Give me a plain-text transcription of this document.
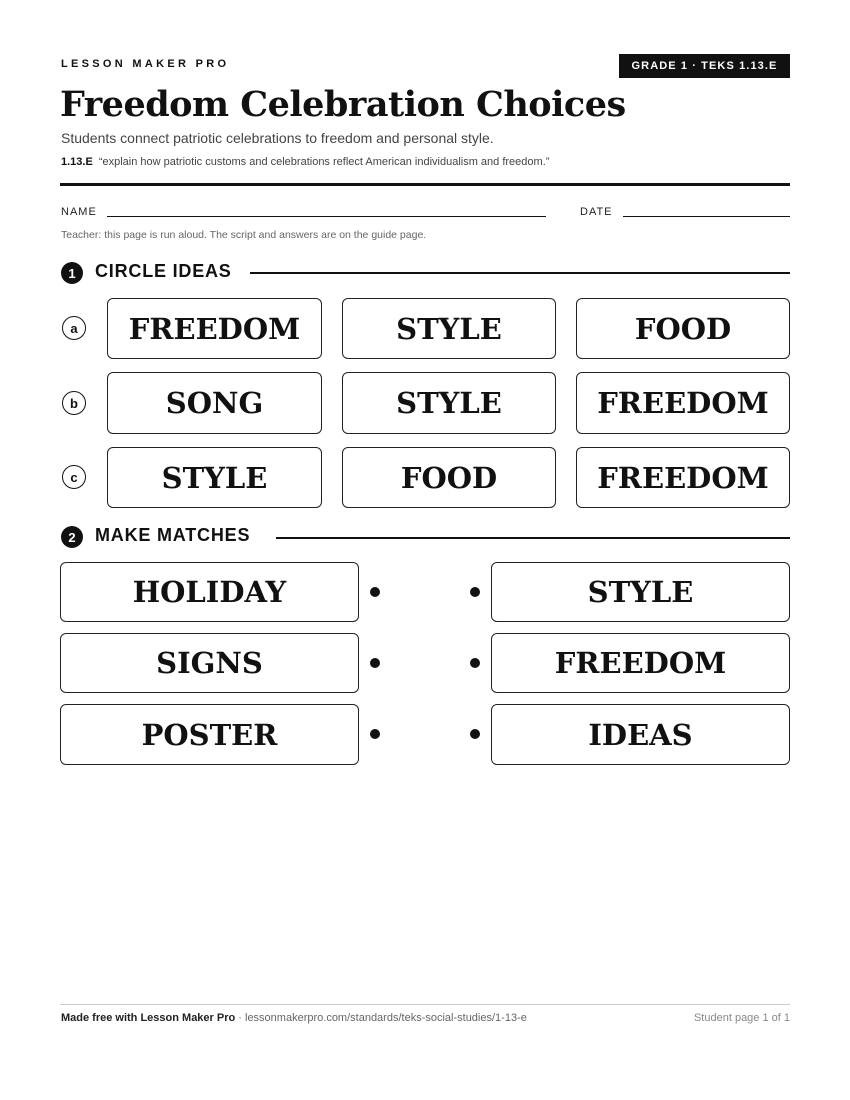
LESSON MAKER PRO	GRADE 1 · TEKS 1.13.E
Freedom Celebration Choices
Students connect patriotic celebrations to freedom and personal style.
1.13.E “explain how patriotic customs and celebrations reflect American individualism and freedom.”
NAME	DATE
Teacher: this page is run aloud. The script and answers are on the guide page.
1	CIRCLE IDEAS
a	FREEDOM	STYLE	FOOD
b	SONG	STYLE	FREEDOM
c	STYLE	FOOD	FREEDOM
2	MAKE MATCHES
HOLIDAY	STYLE
SIGNS	FREEDOM
POSTER	IDEAS
Made free with Lesson Maker Pro · lessonmakerpro.com/standards/teks-social-studies/1-13-e	Student page 1 of 1
